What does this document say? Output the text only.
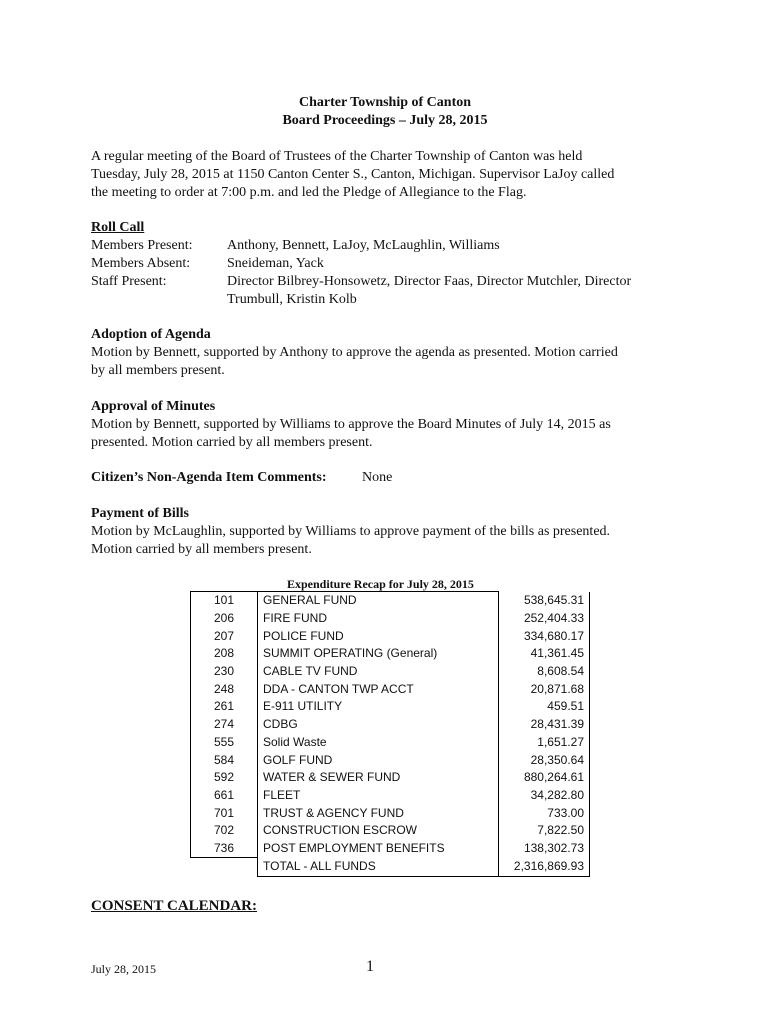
Charter Township of Canton
Board Proceedings – July 28, 2015
A regular meeting of the Board of Trustees of the Charter Township of Canton was held
Tuesday, July 28, 2015 at 1150 Canton Center S., Canton, Michigan. Supervisor LaJoy called
the meeting to order at 7:00 p.m. and led the Pledge of Allegiance to the Flag.
Roll Call
Members Present: Anthony, Bennett, LaJoy, McLaughlin, Williams
Members Absent:	Sneideman, Yack
Staff Present:	Director Bilbrey-Honsowetz, Director Faas, Director Mutchler, Director
Trumbull, Kristin Kolb
Adoption of Agenda
Motion by Bennett, supported by Anthony to approve the agenda as presented. Motion carried
by all members present.
Approval of Minutes
Motion by Bennett, supported by Williams to approve the Board Minutes of July 14, 2015 as
presented. Motion carried by all members present.
Citizen’s Non-Agenda Item Comments:	None
Payment of Bills
Motion by McLaughlin, supported by Williams to approve payment of the bills as presented.
Motion carried by all members present.
Expenditure Recap for July 28, 2015
101	GENERAL FUND	538,645.31
206	FIRE FUND	252,404.33
207	POLICE FUND	334,680.17
208	SUMMIT OPERATING (General)	41,361.45
230	CABLE TV FUND	8,608.54
248	DDA - CANTON TWP ACCT	20,871.68
261	E-911 UTILITY	459.51
274	CDBG	28,431.39
555	Solid Waste	1,651.27
584	GOLF FUND	28,350.64
592	WATER & SEWER FUND	880,264.61
661	FLEET	34,282.80
701	TRUST & AGENCY FUND	733.00
702	CONSTRUCTION ESCROW	7,822.50
736	POST EMPLOYMENT BENEFITS	138,302.73
	TOTAL - ALL FUNDS	2,316,869.93
CONSENT CALENDAR:
July 28, 2015	1
